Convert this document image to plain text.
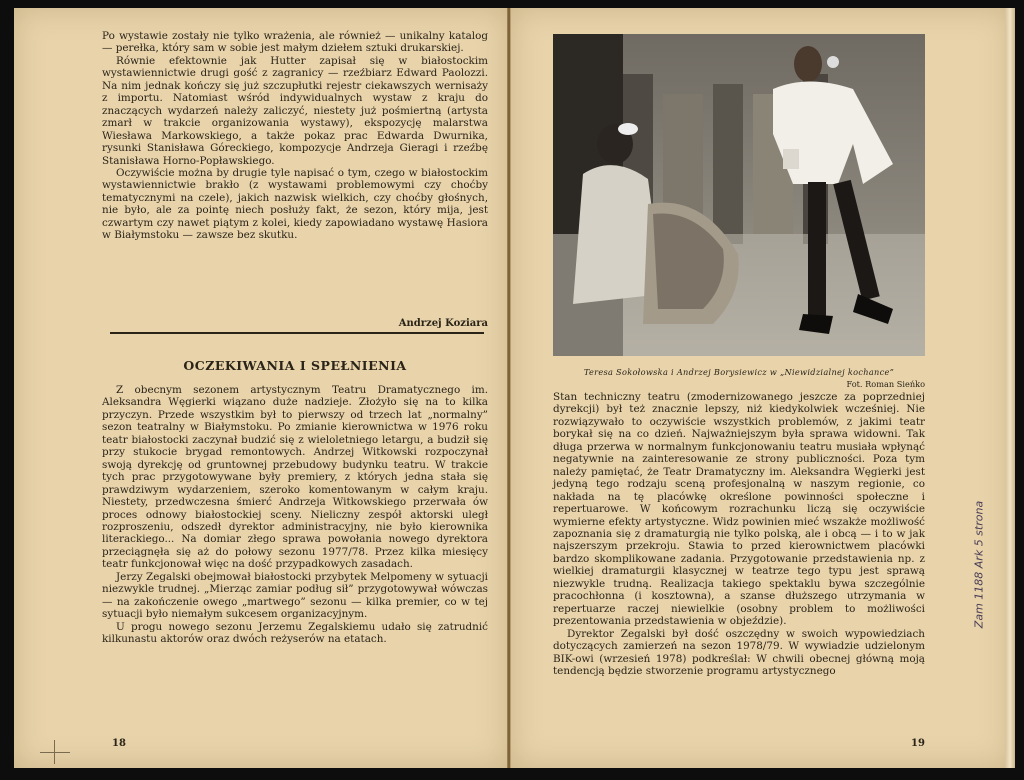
Po wystawie zostały nie tylko wrażenia, ale również — unikalny katalog — perełka, który sam w sobie jest małym dziełem sztuki drukarskiej.

Równie efektownie jak Hutter zapisał się w białostockim wystawiennictwie drugi gość z zagranicy — rzeźbiarz Edward Paolozzi. Na nim jednak kończy się już szczupłutki rejestr ciekawszych wernisaży z importu. Natomiast wśród indywidualnych wystaw z kraju do znaczących wydarzeń należy zaliczyć, niestety już pośmiertną (artysta zmarł w trakcie organizowania wystawy), ekspozycję malarstwa Wiesława Markowskiego, a także pokaz prac Edwarda Dwurnika, rysunki Stanisława Góreckiego, kompozycje Andrzeja Gieragi i rzeźbę Stanisława Horno-Popławskiego.

Oczywiście można by drugie tyle napisać o tym, czego w białostockim wystawiennictwie brakło (z wystawami problemowymi czy choćby tematycznymi na czele), jakich nazwisk wielkich, czy choćby głośnych, nie było, ale za pointę niech posłuży fakt, że sezon, który mija, jest czwartym czy nawet piątym z kolei, kiedy zapowiadano wystawę Hasiora w Białymstoku — zawsze bez skutku.

Andrzej Koziara
OCZEKIWANIA I SPEŁNIENIA

Z obecnym sezonem artystycznym Teatru Dramatycznego im. Aleksandra Węgierki wiązano duże nadzieje. Złożyło się na to kilka przyczyn. Przede wszystkim był to pierwszy od trzech lat „normalny” sezon teatralny w Białymstoku. Po zmianie kierownictwa w 1976 roku teatr białostocki zaczynał budzić się z wieloletniego letargu, a budził się przy stukocie brygad remontowych. Andrzej Witkowski rozpoczynał swoją dyrekcję od gruntownej przebudowy budynku teatru. W trakcie tych prac przygotowywane były premiery, z których jedna stała się prawdziwym wydarzeniem, szeroko komentowanym w całym kraju. Niestety, przedwczesna śmierć Andrzeja Witkowskiego przerwała ów proces odnowy białostockiej sceny. Nieliczny zespół aktorski uległ rozproszeniu, odszedł dyrektor administracyjny, nie było kierownika literackiego... Na domiar złego sprawa powołania nowego dyrektora przeciągnęła się aż do połowy sezonu 1977/78. Przez kilka miesięcy teatr funkcjonował więc na dość przypadkowych zasadach.

Jerzy Zegalski obejmował białostocki przybytek Melpomeny w sytuacji niezwykle trudnej. „Mierząc zamiar podług sił” przygotowywał wówczas — na zakończenie owego „martwego” sezonu — kilka premier, co w tej sytuacji było niemałym sukcesem organizacyjnym.

U progu nowego sezonu Jerzemu Zegalskiemu udało się zatrudnić kilkunastu aktorów oraz dwóch reżyserów na etatach.

18
Teresa Sokołowska i Andrzej Borysiewicz w „Niewidzialnej kochance”
Fot. Roman Sieńko

Stan techniczny teatru (zmodernizowanego jeszcze za poprzedniej dyrekcji) był też znacznie lepszy, niż kiedykolwiek wcześniej. Nie rozwiązywało to oczywiście wszystkich problemów, z jakimi teatr borykał się na co dzień. Najważniejszym była sprawa widowni. Tak długa przerwa w normalnym funkcjonowaniu teatru musiała wpłynąć negatywnie na zainteresowanie ze strony publiczności. Poza tym należy pamiętać, że Teatr Dramatyczny im. Aleksandra Węgierki jest jedyną tego rodzaju sceną profesjonalną w naszym regionie, co nakłada na tę placówkę określone powinności społeczne i repertuarowe. W końcowym rozrachunku liczą się oczywiście wymierne efekty artystyczne. Widz powinien mieć wszakże możliwość zapoznania się z dramaturgią nie tylko polską, ale i obcą — i to w jak najszerszym przekroju. Stawia to przed kierownictwem placówki bardzo skomplikowane zadania. Przygotowanie przedstawienia np. z wielkiej dramaturgii klasycznej w teatrze tego typu jest sprawą niezwykle trudną. Realizacja takiego spektaklu bywa szczególnie pracochłonna (i kosztowna), a szanse dłuższego utrzymania w repertuarze raczej niewielkie (osobny problem to możliwości prezentowania przedstawienia w objeździe).

Dyrektor Zegalski był dość oszczędny w swoich wypowiedziach dotyczących zamierzeń na sezon 1978/79. W wywiadzie udzielonym BIK-owi (wrzesień 1978) podkreślał: W chwili obecnej główną moją tendencją będzie stworzenie programu artystycznego

Zam 1188 Ark 5 strona
19
